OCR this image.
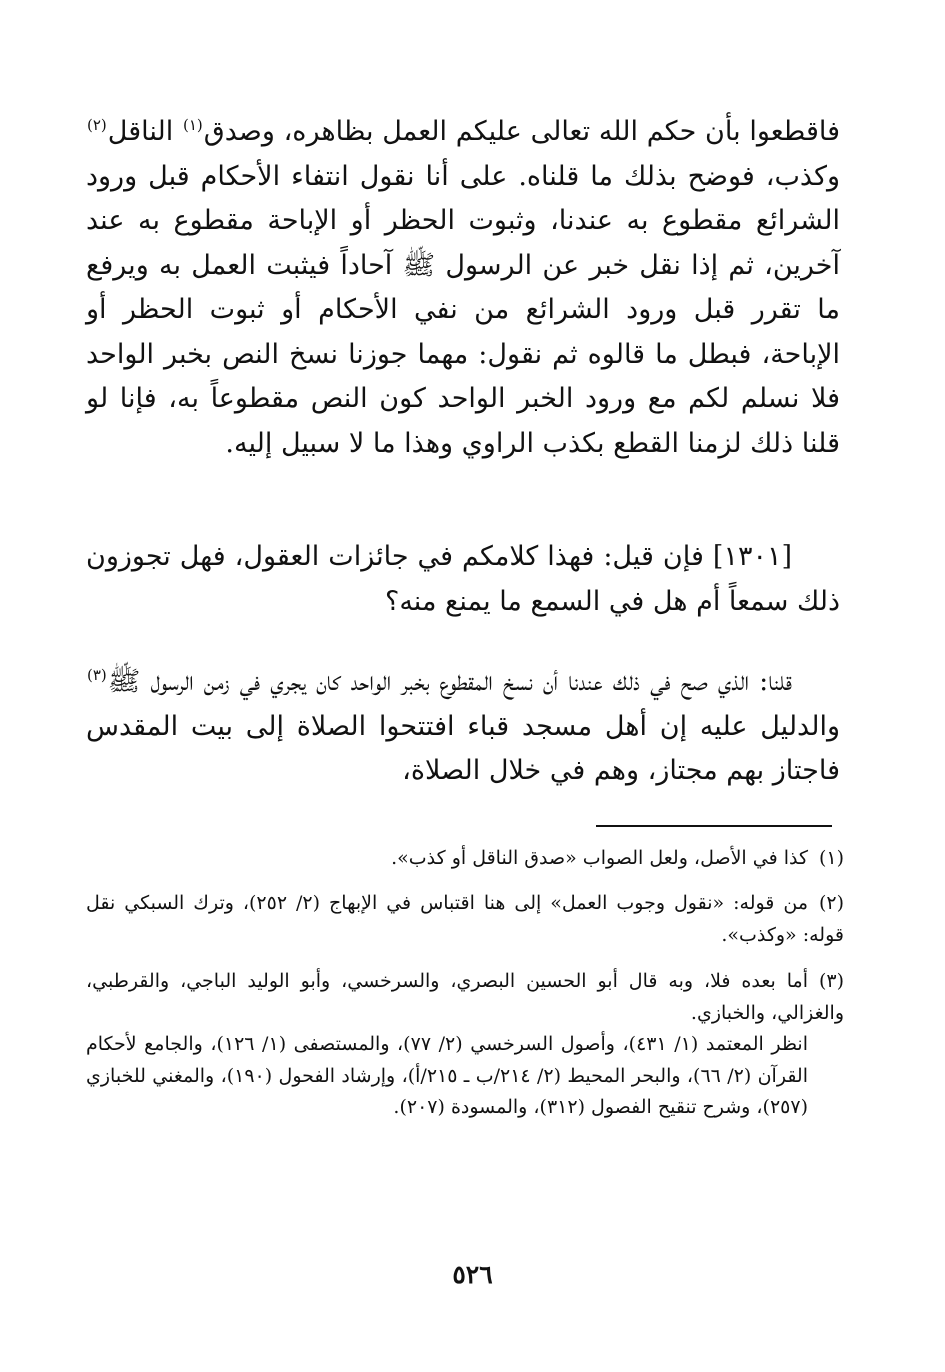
فاقطعوا بأن حكم الله تعالى عليكم العمل بظاهره، وصدق$^{(١)}$ الناقل$^{(٢)}$ وكذب، فوضح بذلك ما قلناه. على أنا نقول انتفاء الأحكام قبل ورود الشرائع مقطوع به عندنا، وثبوت الحظر أو الإباحة مقطوع به عند آخرين، ثم إذا نقل خبر عن الرسول ﷺ آحاداً فيثبت العمل به ويرفع ما تقرر قبل ورود الشرائع من نفي الأحكام أو ثبوت الحظر أو الإباحة، فبطل ما قالوه ثم نقول: مهما جوزنا نسخ النص بخبر الواحد فلا نسلم لكم مع ورود الخبر الواحد كون النص مقطوعاً به، فإنا لو قلنا ذلك لزمنا القطع بكذب الراوي وهذا ما لا سبيل إليه.

[١٣٠١] فإن قيل: فهذا كلامكم في جائزات العقول، فهل تجوزون ذلك سمعاً أم هل في السمع ما يمنع منه؟

قلنا: الذي صح في ذلك عندنا أن نسخ المقطوع بخبر الواحد كان يجري في زمن الرسول ﷺ$^{(٣)}$ والدليل عليه إن أهل مسجد قباء افتتحوا الصلاة إلى بيت المقدس فاجتاز بهم مجتاز، وهم في خلال الصلاة،

(١)كذا في الأصل، ولعل الصواب «صدق الناقل أو كذب».

(٢)من قوله: «نقول وجوب العمل» إلى هنا اقتباس في الإبهاج (٢/ ٢٥٢)، وترك السبكي نقل قوله: «وكذب».

(٣)أما بعده فلا، وبه قال أبو الحسين البصري، والسرخسي، وأبو الوليد الباجي، والقرطبي، والغزالي، والخبازي.
انظر المعتمد (١/ ٤٣١)، وأصول السرخسي (٢/ ٧٧)، والمستصفى (١/ ١٢٦)، والجامع لأحكام القرآن (٢/ ٦٦)، والبحر المحيط (٢/ ٢١٤/ب ـ ٢١٥/أ)، وإرشاد الفحول (١٩٠)، والمغني للخبازي (٢٥٧)، وشرح تنقيح الفصول (٣١٢)، والمسودة (٢٠٧).

٥٢٦
